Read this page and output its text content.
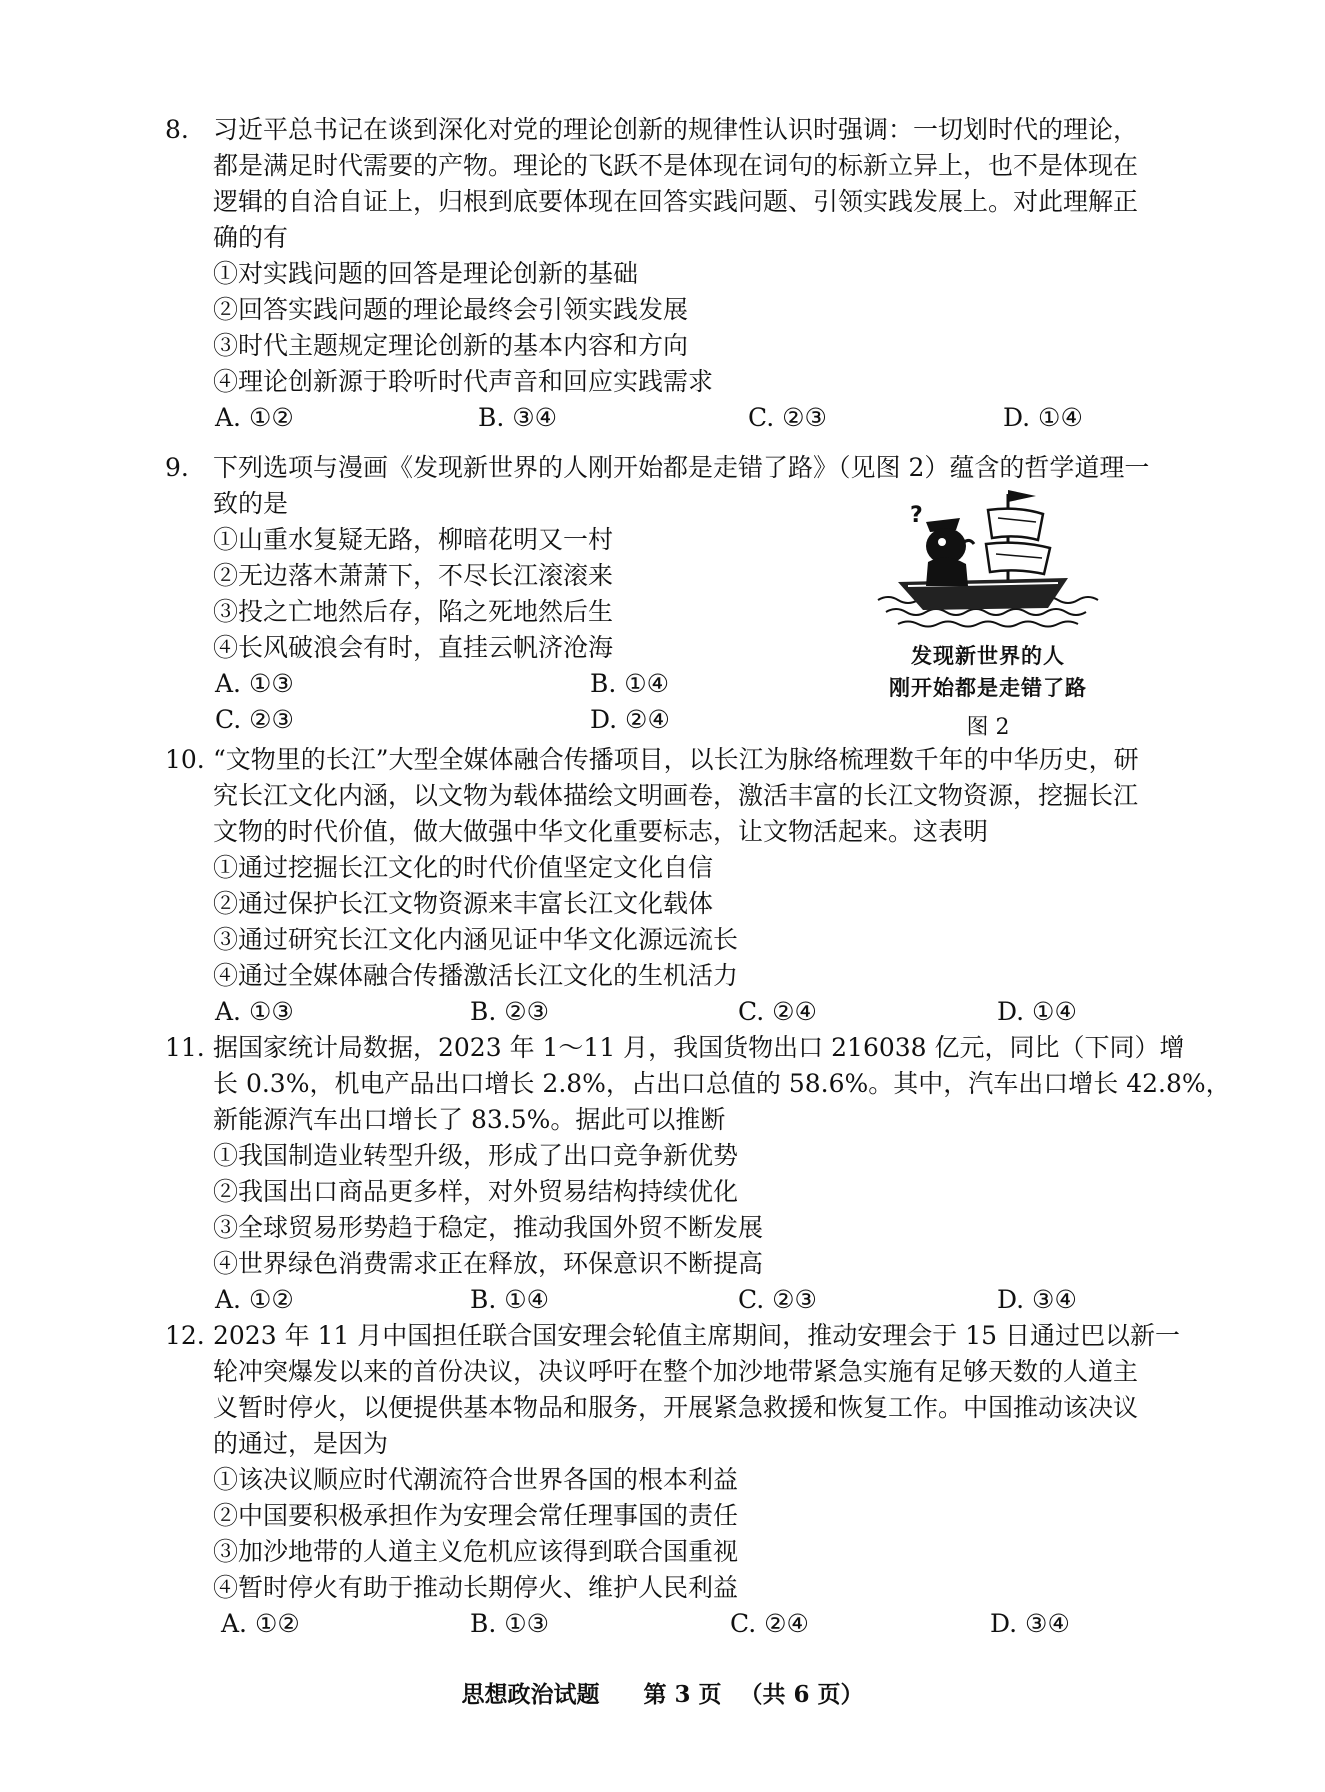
8. 习近平总书记在谈到深化对党的理论创新的规律性认识时强调：一切划时代的理论，
都是满足时代需要的产物。理论的飞跃不是体现在词句的标新立异上，也不是体现在
逻辑的自洽自证上，归根到底要体现在回答实践问题、引领实践发展上。对此理解正
确的有
①对实践问题的回答是理论创新的基础
②回答实践问题的理论最终会引领实践发展
③时代主题规定理论创新的基本内容和方向
④理论创新源于聆听时代声音和回应实践需求
A. ①②	B. ③④	C. ②③	D. ①④
9. 下列选项与漫画《发现新世界的人刚开始都是走错了路》（见图 2）蕴含的哲学道理一
致的是
①山重水复疑无路，柳暗花明又一村
②无边落木萧萧下，不尽长江滚滚来
③投之亡地然后存，陷之死地然后生
④长风破浪会有时，直挂云帆济沧海
A. ①③	B. ①④
C. ②③	D. ②④
?
发现新世界的人
刚开始都是走错了路
图 2
10. “文物里的长江”大型全媒体融合传播项目，以长江为脉络梳理数千年的中华历史，研
究长江文化内涵，以文物为载体描绘文明画卷，激活丰富的长江文物资源，挖掘长江
文物的时代价值，做大做强中华文化重要标志，让文物活起来。这表明
①通过挖掘长江文化的时代价值坚定文化自信
②通过保护长江文物资源来丰富长江文化载体
③通过研究长江文化内涵见证中华文化源远流长
④通过全媒体融合传播激活长江文化的生机活力
A. ①③	B. ②③	C. ②④	D. ①④
11. 据国家统计局数据，2023 年 1～11 月，我国货物出口 216038 亿元，同比（下同）增
长 0.3%，机电产品出口增长 2.8%，占出口总值的 58.6%。其中，汽车出口增长 42.8%，
新能源汽车出口增长了 83.5%。据此可以推断
①我国制造业转型升级，形成了出口竞争新优势
②我国出口商品更多样，对外贸易结构持续优化
③全球贸易形势趋于稳定，推动我国外贸不断发展
④世界绿色消费需求正在释放，环保意识不断提高
A. ①②	B. ①④	C. ②③	D. ③④
12. 2023 年 11 月中国担任联合国安理会轮值主席期间，推动安理会于 15 日通过巴以新一
轮冲突爆发以来的首份决议，决议呼吁在整个加沙地带紧急实施有足够天数的人道主
义暂时停火，以便提供基本物品和服务，开展紧急救援和恢复工作。中国推动该决议
的通过，是因为
①该决议顺应时代潮流符合世界各国的根本利益
②中国要积极承担作为安理会常任理事国的责任
③加沙地带的人道主义危机应该得到联合国重视
④暂时停火有助于推动长期停火、维护人民利益
A. ①②	B. ①③	C. ②④	D. ③④
思想政治试题 第 3 页 （共 6 页）
